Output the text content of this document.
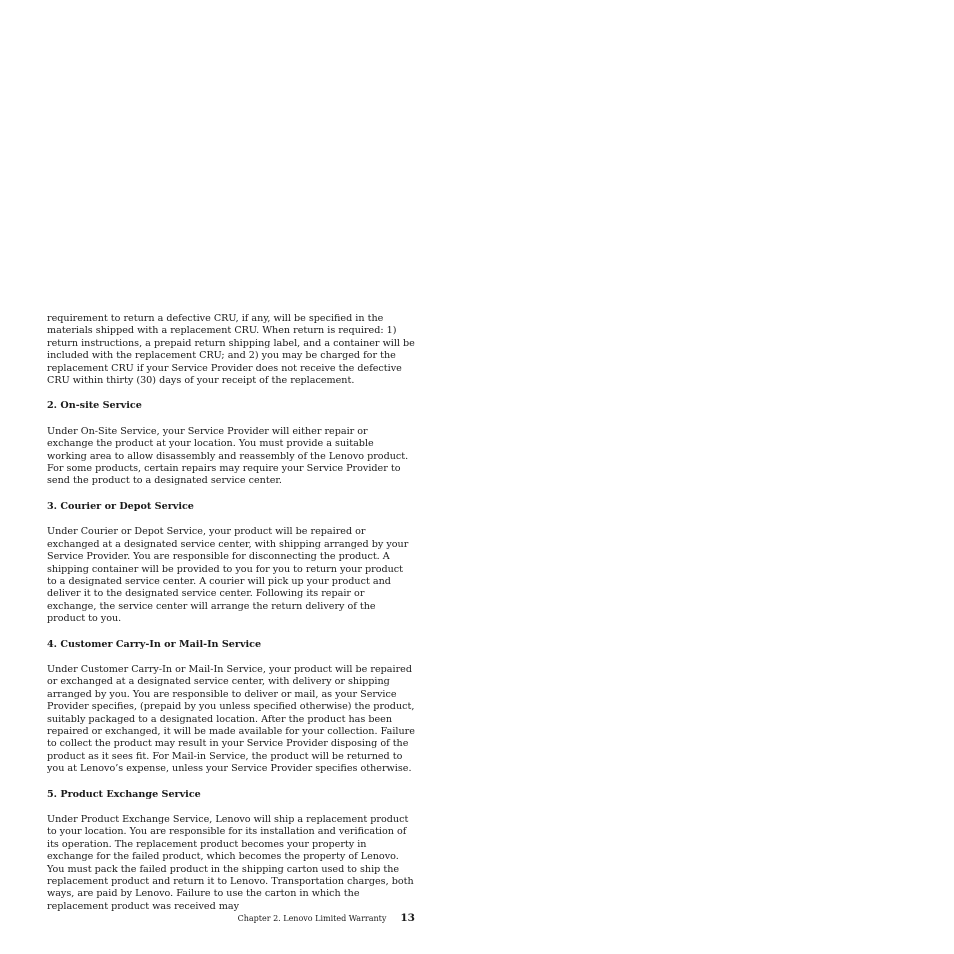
requirement to return a defective CRU, if any, will be specified in the materials shipped with a replacement CRU. When return is required: 1) return instructions, a prepaid return shipping label, and a container will be included with the replacement CRU; and 2) you may be charged for the replacement CRU if your Service Provider does not receive the defective CRU within thirty (30) days of your receipt of the replacement.

2. On-site Service

Under On-Site Service, your Service Provider will either repair or exchange the product at your location. You must provide a suitable working area to allow disassembly and reassembly of the Lenovo product. For some products, certain repairs may require your Service Provider to send the product to a designated service center.

3. Courier or Depot Service

Under Courier or Depot Service, your product will be repaired or exchanged at a designated service center, with shipping arranged by your Service Provider. You are responsible for disconnecting the product. A shipping container will be provided to you for you to return your product to a designated service center. A courier will pick up your product and deliver it to the designated service center. Following its repair or exchange, the service center will arrange the return delivery of the product to you.

4. Customer Carry-In or Mail-In Service

Under Customer Carry-In or Mail-In Service, your product will be repaired or exchanged at a designated service center, with delivery or shipping arranged by you. You are responsible to deliver or mail, as your Service Provider specifies, (prepaid by you unless specified otherwise) the product, suitably packaged to a designated location. After the product has been repaired or exchanged, it will be made available for your collection. Failure to collect the product may result in your Service Provider disposing of the product as it sees fit. For Mail-in Service, the product will be returned to you at Lenovo’s expense, unless your Service Provider specifies otherwise.

5. Product Exchange Service

Under Product Exchange Service, Lenovo will ship a replacement product to your location. You are responsible for its installation and verification of its operation. The replacement product becomes your property in exchange for the failed product, which becomes the property of Lenovo. You must pack the failed product in the shipping carton used to ship the replacement product and return it to Lenovo. Transportation charges, both ways, are paid by Lenovo. Failure to use the carton in which the replacement product was received may

Chapter 2. Lenovo Limited Warranty 13
